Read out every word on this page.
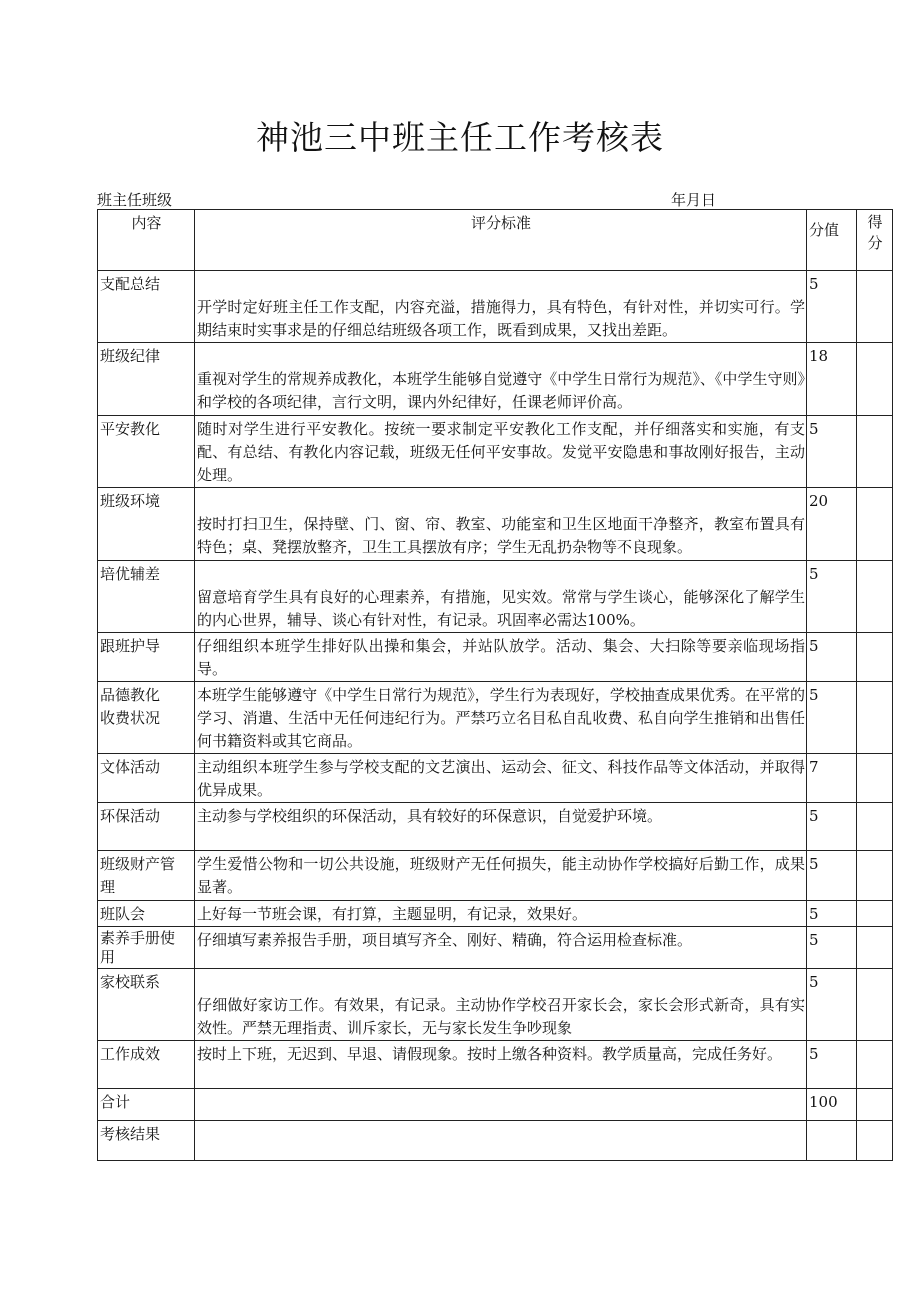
神池三中班主任工作考核表
班主任班级	年月日
内容	评分标准	分值	得分

支配总结	开学时定好班主任工作支配，内容充溢，措施得力，具有特色，有针对性，并切实可行。学期结束时实事求是的仔细总结班级各项工作，既看到成果，又找出差距。	5	

班级纪律	重视对学生的常规养成教化，本班学生能够自觉遵守《中学生日常行为规范》、《中学生守则》和学校的各项纪律，言行文明，课内外纪律好，任课老师评价高。	18	

平安教化	随时对学生进行平安教化。按统一要求制定平安教化工作支配，并仔细落实和实施，有支配、有总结、有教化内容记载，班级无任何平安事故。发觉平安隐患和事故刚好报告，主动处理。	5	

班级环境	按时打扫卫生，保持壁、门、窗、帘、教室、功能室和卫生区地面干净整齐，教室布置具有特色；桌、凳摆放整齐，卫生工具摆放有序；学生无乱扔杂物等不良现象。	20	

培优辅差	留意培育学生具有良好的心理素养，有措施，见实效。常常与学生谈心，能够深化了解学生的内心世界，辅导、谈心有针对性，有记录。巩固率必需达100%。	5	

跟班护导	仔细组织本班学生排好队出操和集会，并站队放学。活动、集会、大扫除等要亲临现场指导。	5	

品德教化收费状况	本班学生能够遵守《中学生日常行为规范》，学生行为表现好，学校抽查成果优秀。在平常的学习、消遣、生活中无任何违纪行为。严禁巧立名目私自乱收费、私自向学生推销和出售任何书籍资料或其它商品。	5	

文体活动	主动组织本班学生参与学校支配的文艺演出、运动会、征文、科技作品等文体活动，并取得优异成果。	7	

环保活动	主动参与学校组织的环保活动，具有较好的环保意识，自觉爱护环境。	5	

班级财产管理	学生爱惜公物和一切公共设施，班级财产无任何损失，能主动协作学校搞好后勤工作，成果显著。	5	

班队会	上好每一节班会课，有打算，主题显明，有记录，效果好。	5	

素养手册使用	仔细填写素养报告手册，项目填写齐全、刚好、精确，符合运用检查标准。	5	

家校联系	仔细做好家访工作。有效果，有记录。主动协作学校召开家长会，家长会形式新奇，具有实效性。严禁无理指责、训斥家长，无与家长发生争吵现象	5	

工作成效	按时上下班，无迟到、早退、请假现象。按时上缴各种资料。教学质量高，完成任务好。	5	

合计		100	

考核结果			
